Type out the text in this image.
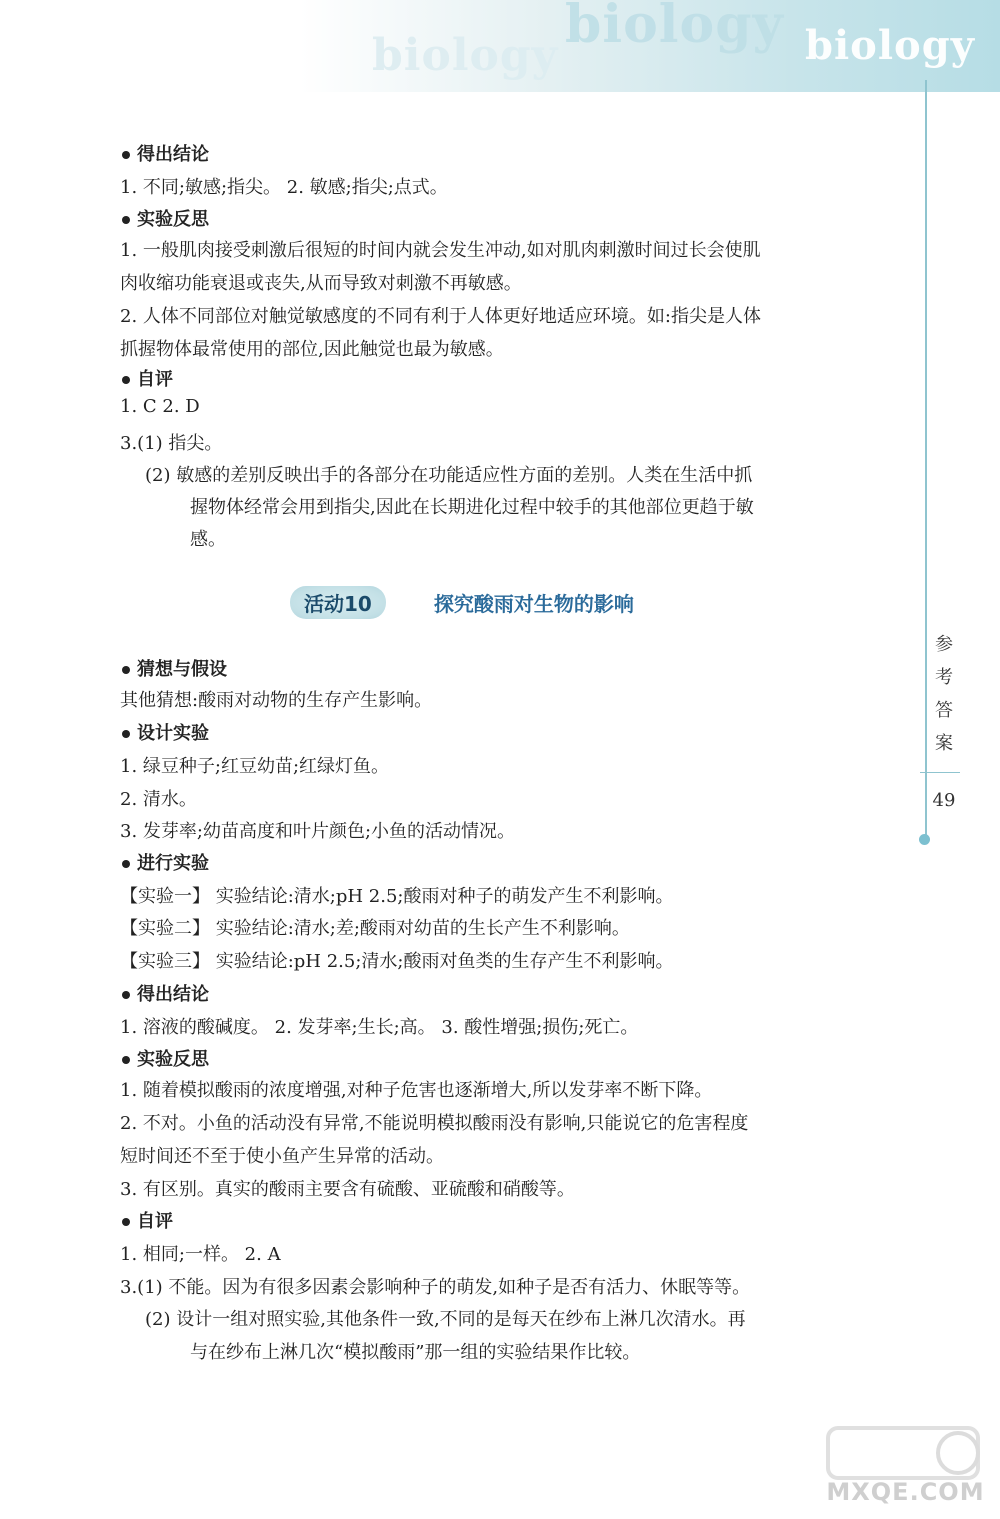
biology
biology biology
参考答案
49
得出结论
1. 不同;敏感;指尖。 2. 敏感;指尖;点式。
实验反思
1. 一般肌肉接受刺激后很短的时间内就会发生冲动,如对肌肉刺激时间过长会使肌
肉收缩功能衰退或丧失,从而导致对刺激不再敏感。
2. 人体不同部位对触觉敏感度的不同有利于人体更好地适应环境。如:指尖是人体
抓握物体最常使用的部位,因此触觉也最为敏感。
自评
1. C 2. D
3.(1) 指尖。
(2) 敏感的差别反映出手的各部分在功能适应性方面的差别。人类在生活中抓
握物体经常会用到指尖,因此在长期进化过程中较手的其他部位更趋于敏
感。
活动10	探究酸雨对生物的影响
猜想与假设
其他猜想:酸雨对动物的生存产生影响。
设计实验
1. 绿豆种子;红豆幼苗;红绿灯鱼。
2. 清水。
3. 发芽率;幼苗高度和叶片颜色;小鱼的活动情况。
进行实验
【实验一】 实验结论:清水;pH 2.5;酸雨对种子的萌发产生不利影响。
【实验二】 实验结论:清水;差;酸雨对幼苗的生长产生不利影响。
【实验三】 实验结论:pH 2.5;清水;酸雨对鱼类的生存产生不利影响。
得出结论
1. 溶液的酸碱度。 2. 发芽率;生长;高。 3. 酸性增强;损伤;死亡。
实验反思
1. 随着模拟酸雨的浓度增强,对种子危害也逐渐增大,所以发芽率不断下降。
2. 不对。小鱼的活动没有异常,不能说明模拟酸雨没有影响,只能说它的危害程度
短时间还不至于使小鱼产生异常的活动。
3. 有区别。真实的酸雨主要含有硫酸、亚硫酸和硝酸等。
自评
1. 相同;一样。 2. A
3.(1) 不能。因为有很多因素会影响种子的萌发,如种子是否有活力、休眠等等。
(2) 设计一组对照实验,其他条件一致,不同的是每天在纱布上淋几次清水。再
与在纱布上淋几次“模拟酸雨”那一组的实验结果作比较。
MXQE.COM
